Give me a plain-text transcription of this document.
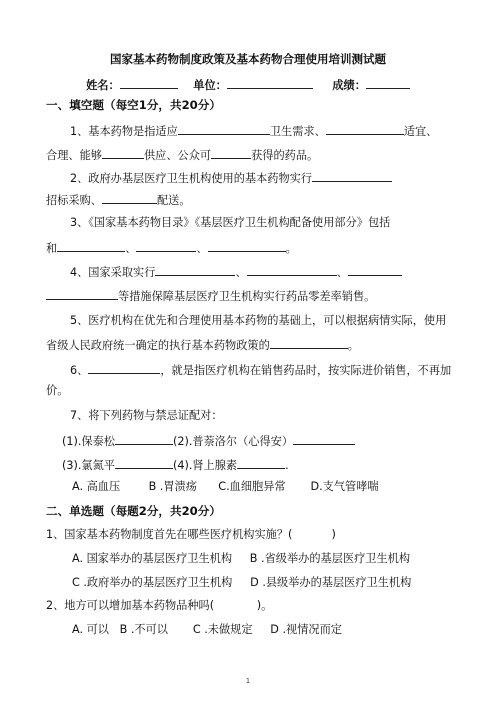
国家基本药物制度政策及基本药物合理使用培训测试题
姓名：	单位：	成绩：
一、填空题（每空1分，共20分）
1、基本药物是指适应	卫生需求、	适宜、
合理、能够	供应、公众可	获得的药品。
2、政府办基层医疗卫生机构使用的基本药物实行
招标采购、	配送。
3、《国家基本药物目录》《基层医疗卫生机构配备使用部分》包括
和	、	、	。
4、国家采取实行	、	、
等措施保障基层医疗卫生机构实行药品零差率销售。
5、医疗机构在优先和合理使用基本药物的基础上，可以根据病情实际，使用
省级人民政府统一确定的执行基本药物政策的	。
6、	，就是指医疗机构在销售药品时，按实际进价销售，不再加
价。
7、将下列药物与禁忌证配对：
(1).保泰松	(2).普萘洛尔（心得安）
(3).氯氮平	(4).肾上腺素	.
A. 高血压        B .胃溃疡      C.血细胞异常       D.支气管哮喘
二、单选题（每题2分，共20分）
1、国家基本药物制度首先在哪些医疗机构实施？(           )
A. 国家举办的基层医疗卫生机构     B .省级举办的基层医疗卫生机构
C .政府举办的基层医疗卫生机构     D .县级举办的基层医疗卫生机构
2、地方可以增加基本药物品种吗(            )。
A. 可以   B .不可以       C .未做规定     D .视情况而定
1
